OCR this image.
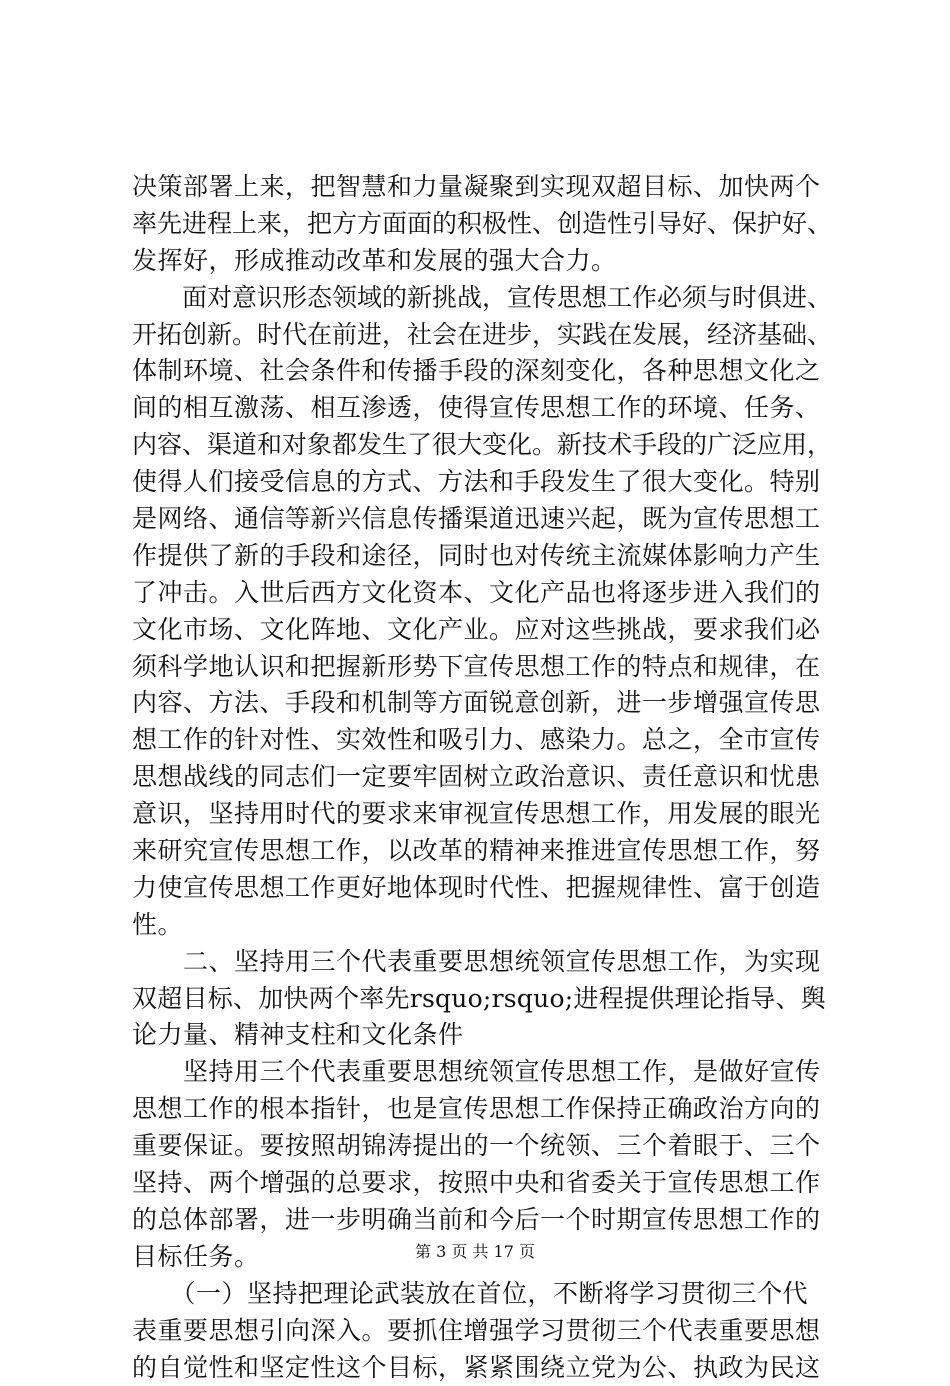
决策部署上来，把智慧和力量凝聚到实现双超目标、加快两个
率先进程上来，把方方面面的积极性、创造性引导好、保护好、
发挥好，形成推动改革和发展的强大合力。
　　面对意识形态领域的新挑战，宣传思想工作必须与时俱进、
开拓创新。时代在前进，社会在进步，实践在发展，经济基础、
体制环境、社会条件和传播手段的深刻变化，各种思想文化之
间的相互激荡、相互渗透，使得宣传思想工作的环境、任务、
内容、渠道和对象都发生了很大变化。新技术手段的广泛应用，
使得人们接受信息的方式、方法和手段发生了很大变化。特别
是网络、通信等新兴信息传播渠道迅速兴起，既为宣传思想工
作提供了新的手段和途径，同时也对传统主流媒体影响力产生
了冲击。入世后西方文化资本、文化产品也将逐步进入我们的
文化市场、文化阵地、文化产业。应对这些挑战，要求我们必
须科学地认识和把握新形势下宣传思想工作的特点和规律，在
内容、方法、手段和机制等方面锐意创新，进一步增强宣传思
想工作的针对性、实效性和吸引力、感染力。总之，全市宣传
思想战线的同志们一定要牢固树立政治意识、责任意识和忧患
意识，坚持用时代的要求来审视宣传思想工作，用发展的眼光
来研究宣传思想工作，以改革的精神来推进宣传思想工作，努
力使宣传思想工作更好地体现时代性、把握规律性、富于创造
性。
　　二、坚持用三个代表重要思想统领宣传思想工作，为实现
双超目标、加快两个率先rsquo;rsquo;进程提供理论指导、舆
论力量、精神支柱和文化条件
　　坚持用三个代表重要思想统领宣传思想工作，是做好宣传
思想工作的根本指针，也是宣传思想工作保持正确政治方向的
重要保证。要按照胡锦涛提出的一个统领、三个着眼于、三个
坚持、两个增强的总要求，按照中央和省委关于宣传思想工作
的总体部署，进一步明确当前和今后一个时期宣传思想工作的
目标任务。
　　（一）坚持把理论武装放在首位，不断将学习贯彻三个代
表重要思想引向深入。要抓住增强学习贯彻三个代表重要思想
的自觉性和坚定性这个目标，紧紧围绕立党为公、执政为民这
第 3 页 共 17 页
